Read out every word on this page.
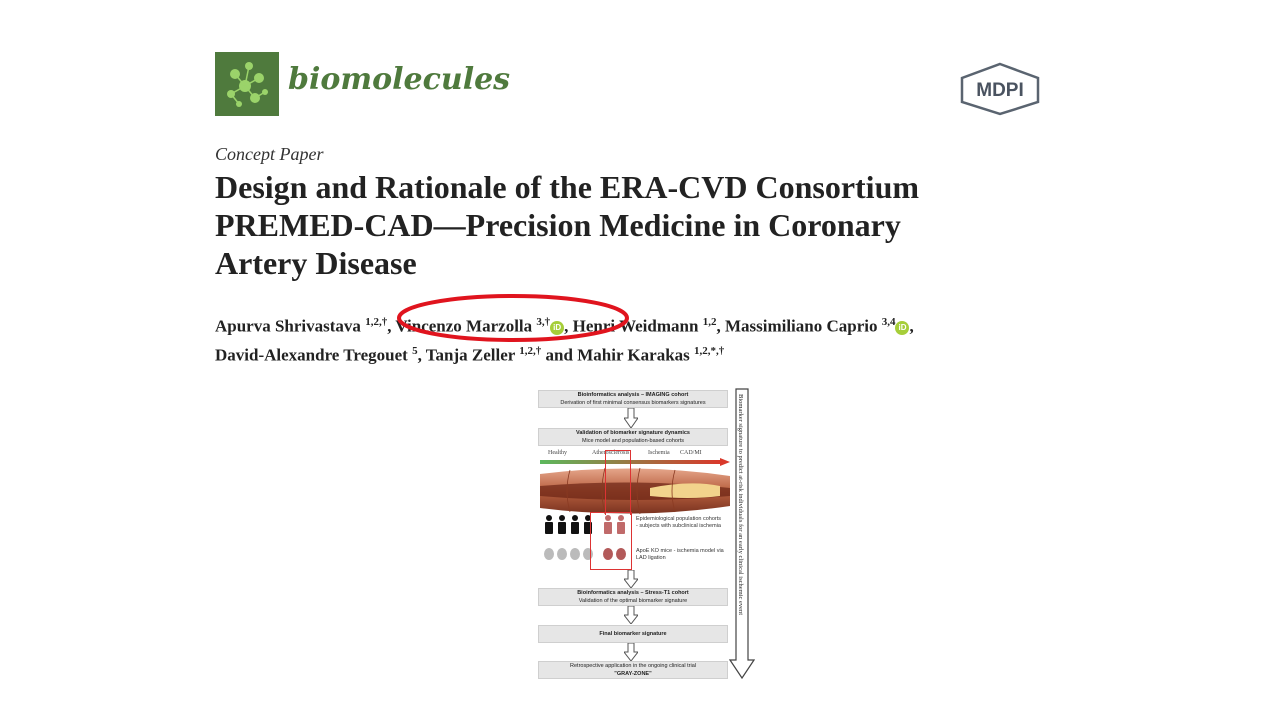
biomolecules	MDPI
Concept Paper
Design and Rationale of the ERA-CVD Consortium
PREMED-CAD—Precision Medicine in Coronary
Artery Disease
Apurva Shrivastava $^{1,2,\dagger}$, Vincenzo Marzolla $^{3,\dagger}$ iD , Henri Weidmann $^{1,2}$, Massimiliano Caprio $^{3,4}$ iD ,
David-Alexandre Tregouet $^5$, Tanja Zeller $^{1,2,\dagger}$ and Mahir Karakas $^{1,2,*,\dagger}$
Bioinformatics analysis – IMAGING cohort
Derivation of first minimal consensus biomarkers signatures
Validation of biomarker signature dynamics
Mice model and population-based cohorts
Healthy	Atherosclerosis	Ischemia CAD/MI
Epidemiological population cohorts - subjects with subclinical ischemia
ApoE KO mice - ischemia model via LAD ligation
Bioinformatics analysis – Stress-T1 cohort
Validation of the optimal biomarker signature
Final biomarker signature
Retrospective application in the ongoing clinical trial
"GRAY-ZONE"
Biomarker signature to predict at-risk individuals for an early clinical ischemic event
